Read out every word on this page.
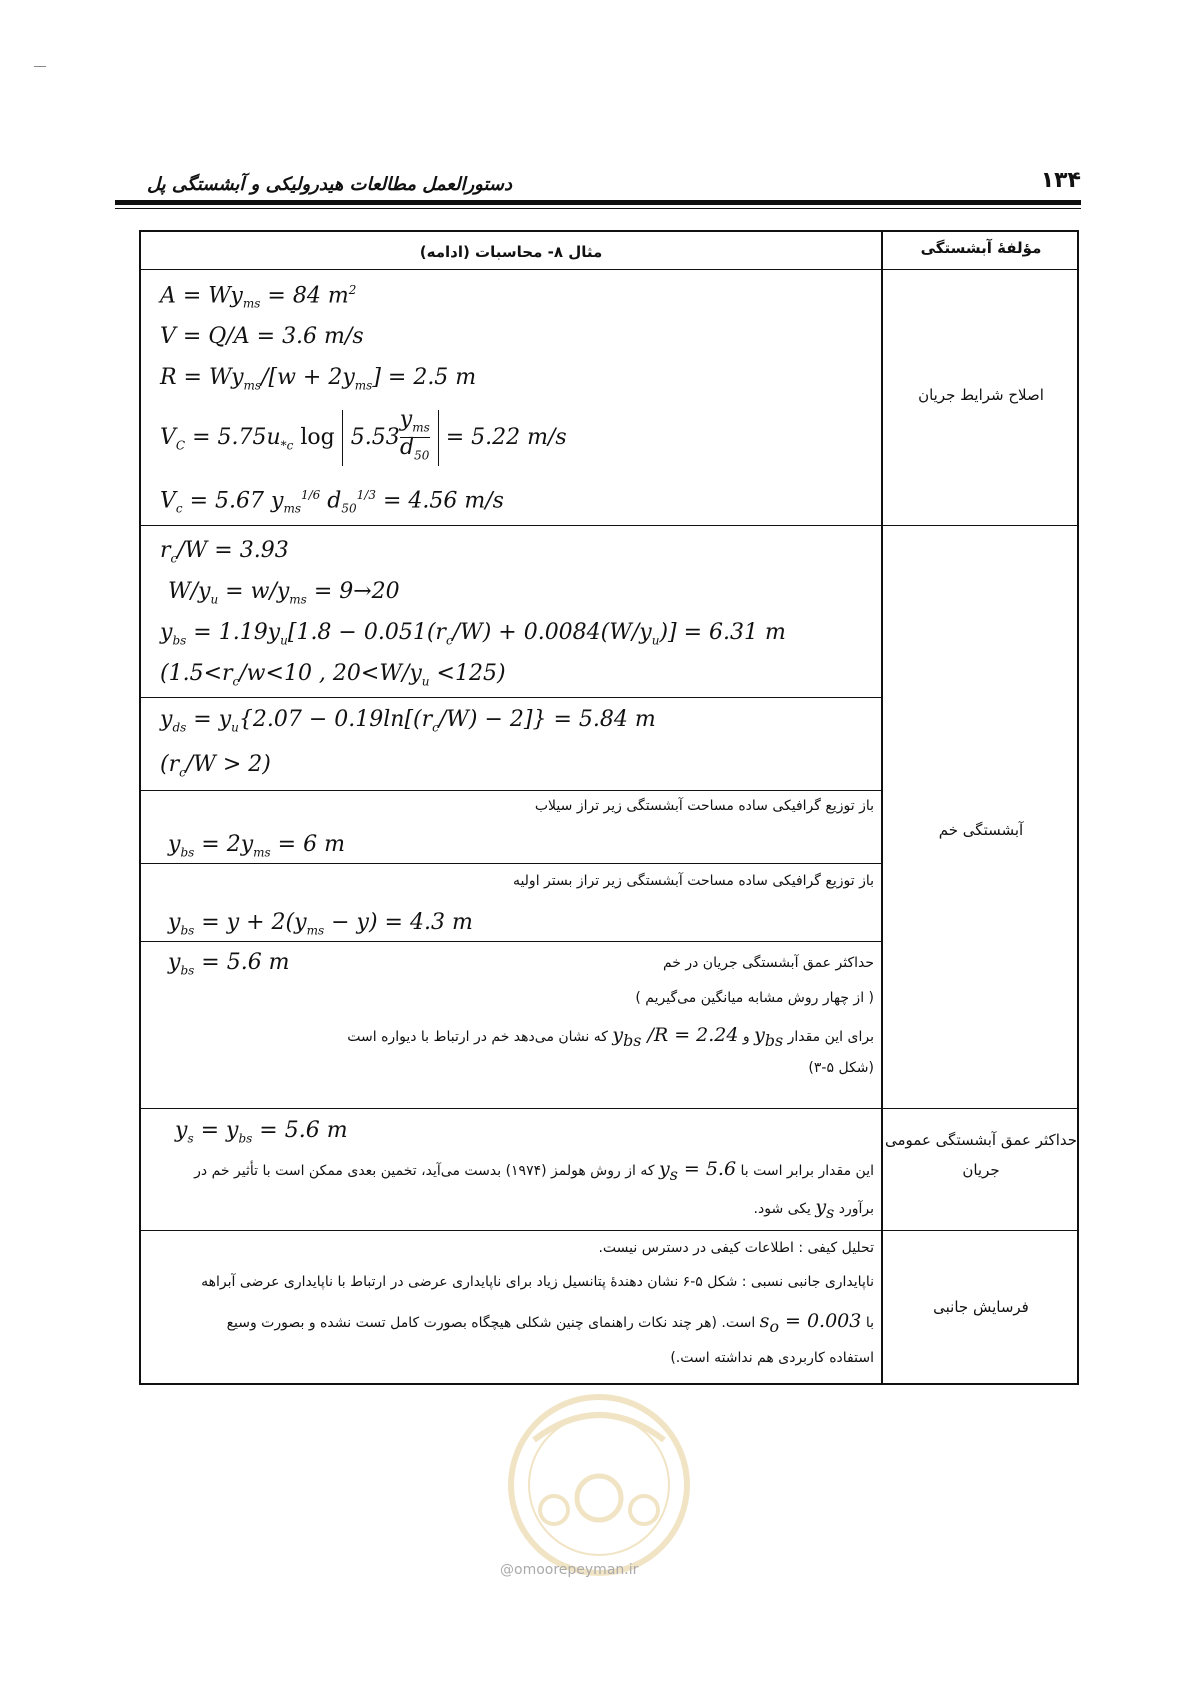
۱۳۴
دستورالعمل مطالعات هیدرولیکی و آبشستگی پل
مؤلفهٔ آبشستگی
مثال ۸- محاسبات (ادامه)
اصلاح شرایط جریان
$A = Wy_{ms} = 84$ $m^2$
V = Q/A = 3.6 m/s
$R = Wy_{ms}/[w + 2y_{ms}] = 2.5$ m
$V_C = 5.75u_{*c}$ log 5.53
$y_{ms}$
$d_{50}$
= 5.22 m/s
$V_c = 5.67$ $y_{ms}^{1/6}$ $d_{50}^{1/3} = 4.56$ m/s
آبشستگی خم
$r_c/W = 3.93$
$W/y_u = w/y_{ms} = 9\to 20$
$y_{bs} = 1.19y_u[1.8 - 0.051(r_c/W) + 0.0084(W/y_u)] = 6.31$ m
($1.5<r_c/w<10$ , $20<W/y_u <125$)
$y_{ds} = y_u\{2.07 - 0.19\ln[(r_c/W) - 2]\} = 5.84$ m
$(r_c/W > 2)$
باز توزیع گرافیکی ساده مساحت آبشستگی زیر تراز سیلاب
$y_{bs} = 2y_{ms} = 6$ m
باز توزیع گرافیکی ساده مساحت آبشستگی زیر تراز بستر اولیه
$y_{bs} = y + 2(y_{ms} - y) = 4.3$ m
$y_{bs} = 5.6$ m	حداکثر عمق آبشستگی جریان در خم
( از چهار روش مشابه میانگین می‌گیریم )
برای این مقدار $y_{bs}$ و $y_{bs}$ /R = 2.24 که نشان می‌دهد خم در ارتباط با دیواره است
(شکل ۵-۳)
حداکثر عمق آبشستگی عمومی جریان
$y_s = y_{bs} = 5.6$ m
این مقدار برابر است با $y_s = 5.6$ که از روش هولمز (۱۹۷۴) بدست می‌آید، تخمین بعدی ممکن است با تأثیر خم در
برآورد $y_s$ یکی شود.
فرسایش جانبی
تحلیل کیفی : اطلاعات کیفی در دسترس نیست.
ناپایداری جانبی نسبی : شکل ۵-۶ نشان دهندهٔ پتانسیل زیاد برای ناپایداری عرضی در ارتباط با ناپایداری عرضی آبراهه
با $s_o = 0.003$ است. (هر چند نکات راهنمای چنین شکلی هیچگاه بصورت کامل تست نشده و بصورت وسیع
استفاده کاربردی هم نداشته است.)
@omoorepeyman.ir
